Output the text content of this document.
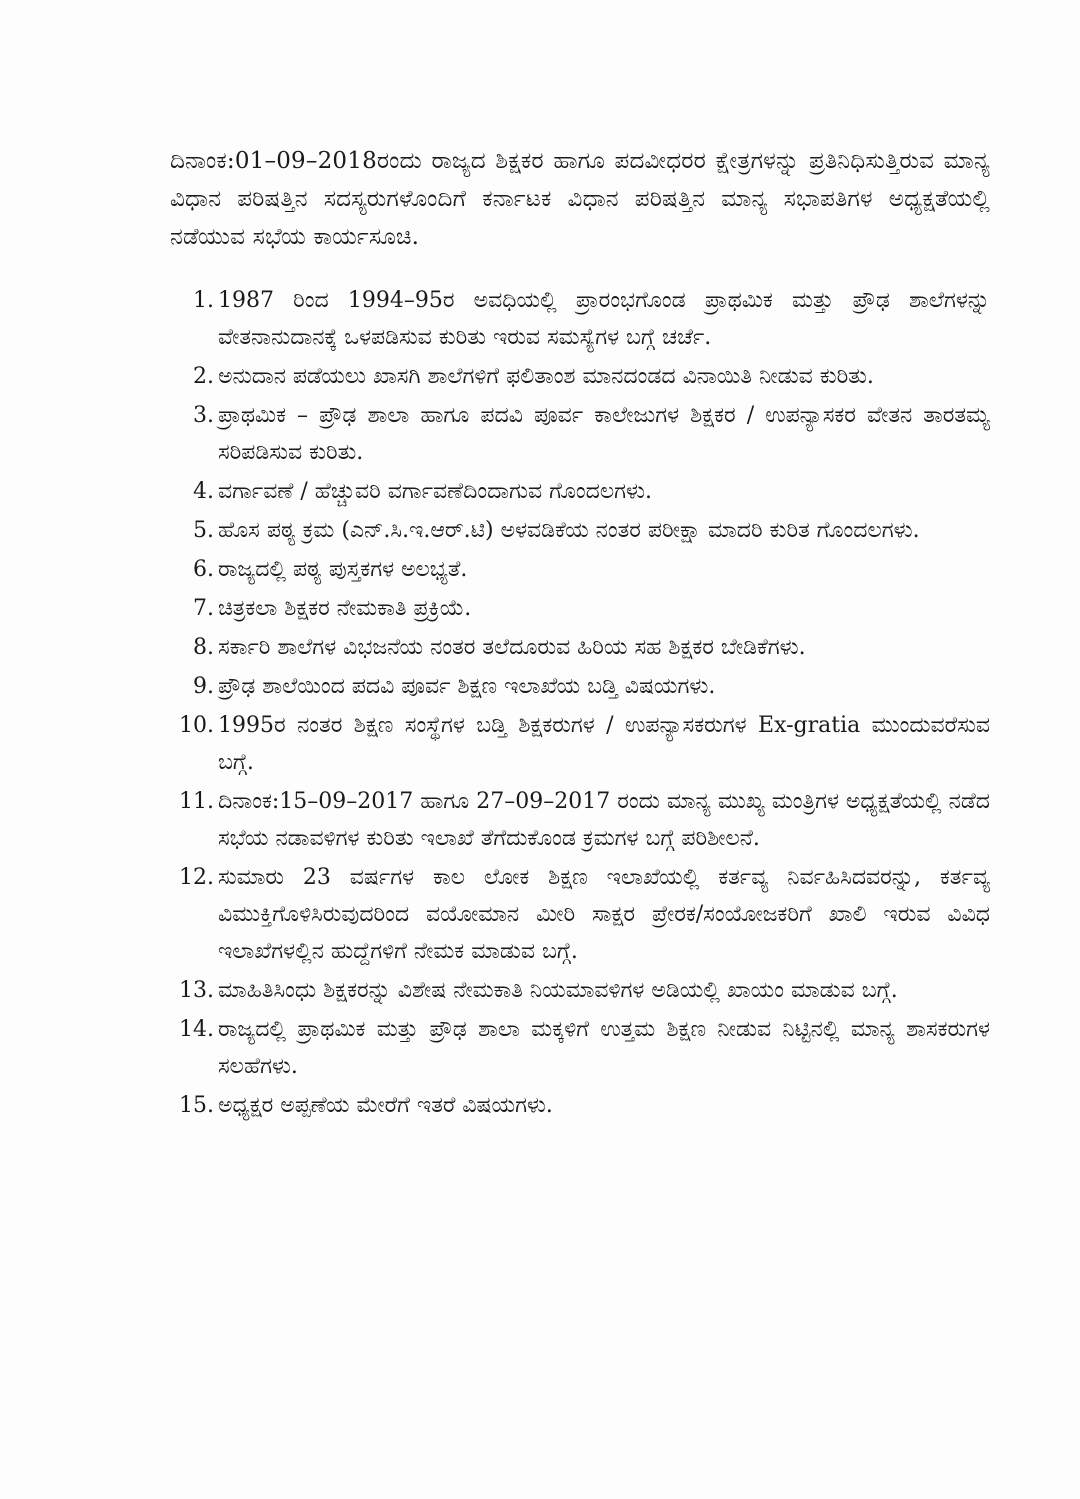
ದಿನಾಂಕ:01–09–2018ರಂದು ರಾಜ್ಯದ ಶಿಕ್ಷಕರ ಹಾಗೂ ಪದವೀಧರರ ಕ್ಷೇತ್ರಗಳನ್ನು ಪ್ರತಿನಿಧಿಸುತ್ತಿರುವ ಮಾನ್ಯ ವಿಧಾನ ಪರಿಷತ್ತಿನ ಸದಸ್ಯರುಗಳೊಂದಿಗೆ ಕರ್ನಾಟಕ ವಿಧಾನ ಪರಿಷತ್ತಿನ ಮಾನ್ಯ ಸಭಾಪತಿಗಳ ಅಧ್ಯಕ್ಷತೆಯಲ್ಲಿ ನಡೆಯುವ ಸಭೆಯ ಕಾರ್ಯಸೂಚಿ.

1. 1987 ರಿಂದ 1994–95ರ ಅವಧಿಯಲ್ಲಿ ಪ್ರಾರಂಭಗೊಂಡ ಪ್ರಾಥಮಿಕ ಮತ್ತು ಪ್ರೌಢ ಶಾಲೆಗಳನ್ನು ವೇತನಾನುದಾನಕ್ಕೆ ಒಳಪಡಿಸುವ ಕುರಿತು ಇರುವ ಸಮಸ್ಯೆಗಳ ಬಗ್ಗೆ ಚರ್ಚೆ.
2. ಅನುದಾನ ಪಡೆಯಲು ಖಾಸಗಿ ಶಾಲೆಗಳಿಗೆ ಫಲಿತಾಂಶ ಮಾನದಂಡದ ವಿನಾಯಿತಿ ನೀಡುವ ಕುರಿತು.
3. ಪ್ರಾಥಮಿಕ – ಪ್ರೌಢ ಶಾಲಾ ಹಾಗೂ ಪದವಿ ಪೂರ್ವ ಕಾಲೇಜುಗಳ ಶಿಕ್ಷಕರ / ಉಪನ್ಯಾಸಕರ ವೇತನ ತಾರತಮ್ಯ ಸರಿಪಡಿಸುವ ಕುರಿತು.
4. ವರ್ಗಾವಣೆ / ಹೆಚ್ಚುವರಿ ವರ್ಗಾವಣೆದಿಂದಾಗುವ ಗೊಂದಲಗಳು.
5. ಹೊಸ ಪಠ್ಯ ಕ್ರಮ (ಎನ್.ಸಿ.ಇ.ಆರ್.ಟಿ) ಅಳವಡಿಕೆಯ ನಂತರ ಪರೀಕ್ಷಾ ಮಾದರಿ ಕುರಿತ ಗೊಂದಲಗಳು.
6. ರಾಜ್ಯದಲ್ಲಿ ಪಠ್ಯ ಪುಸ್ತಕಗಳ ಅಲಭ್ಯತೆ.
7. ಚಿತ್ರಕಲಾ ಶಿಕ್ಷಕರ ನೇಮಕಾತಿ ಪ್ರಕ್ರಿಯೆ.
8. ಸರ್ಕಾರಿ ಶಾಲೆಗಳ ವಿಭಜನೆಯ ನಂತರ ತಲೆದೂರುವ ಹಿರಿಯ ಸಹ ಶಿಕ್ಷಕರ ಬೇಡಿಕೆಗಳು.
9. ಪ್ರೌಢ ಶಾಲೆಯಿಂದ ಪದವಿ ಪೂರ್ವ ಶಿಕ್ಷಣ ಇಲಾಖೆಯ ಬಡ್ತಿ ವಿಷಯಗಳು.
10. 1995ರ ನಂತರ ಶಿಕ್ಷಣ ಸಂಸ್ಥೆಗಳ ಬಡ್ತಿ ಶಿಕ್ಷಕರುಗಳ / ಉಪನ್ಯಾಸಕರುಗಳ Ex-gratia ಮುಂದುವರೆಸುವ ಬಗ್ಗೆ.
11. ದಿನಾಂಕ:15–09–2017 ಹಾಗೂ 27–09–2017 ರಂದು ಮಾನ್ಯ ಮುಖ್ಯ ಮಂತ್ರಿಗಳ ಅಧ್ಯಕ್ಷತೆಯಲ್ಲಿ ನಡೆದ ಸಭೆಯ ನಡಾವಳಿಗಳ ಕುರಿತು ಇಲಾಖೆ ತೆಗೆದುಕೊಂಡ ಕ್ರಮಗಳ ಬಗ್ಗೆ ಪರಿಶೀಲನೆ.
12. ಸುಮಾರು 23 ವರ್ಷಗಳ ಕಾಲ ಲೋಕ ಶಿಕ್ಷಣ ಇಲಾಖೆಯಲ್ಲಿ ಕರ್ತವ್ಯ ನಿರ್ವಹಿಸಿದವರನ್ನು, ಕರ್ತವ್ಯ ವಿಮುಕ್ತಿಗೊಳಿಸಿರುವುದರಿಂದ ವಯೋಮಾನ ಮೀರಿ ಸಾಕ್ಷರ ಪ್ರೇರಕ/ಸಂಯೋಜಕರಿಗೆ ಖಾಲಿ ಇರುವ ವಿವಿಧ ಇಲಾಖೆಗಳಲ್ಲಿನ ಹುದ್ದೆಗಳಿಗೆ ನೇಮಕ ಮಾಡುವ ಬಗ್ಗೆ.
13. ಮಾಹಿತಿಸಿಂಧು ಶಿಕ್ಷಕರನ್ನು ವಿಶೇಷ ನೇಮಕಾತಿ ನಿಯಮಾವಳಿಗಳ ಅಡಿಯಲ್ಲಿ ಖಾಯಂ ಮಾಡುವ ಬಗ್ಗೆ.
14. ರಾಜ್ಯದಲ್ಲಿ ಪ್ರಾಥಮಿಕ ಮತ್ತು ಪ್ರೌಢ ಶಾಲಾ ಮಕ್ಕಳಿಗೆ ಉತ್ತಮ ಶಿಕ್ಷಣ ನೀಡುವ ನಿಟ್ಟಿನಲ್ಲಿ ಮಾನ್ಯ ಶಾಸಕರುಗಳ ಸಲಹೆಗಳು.
15. ಅಧ್ಯಕ್ಷರ ಅಪ್ಪಣೆಯ ಮೇರೆಗೆ ಇತರೆ ವಿಷಯಗಳು.
